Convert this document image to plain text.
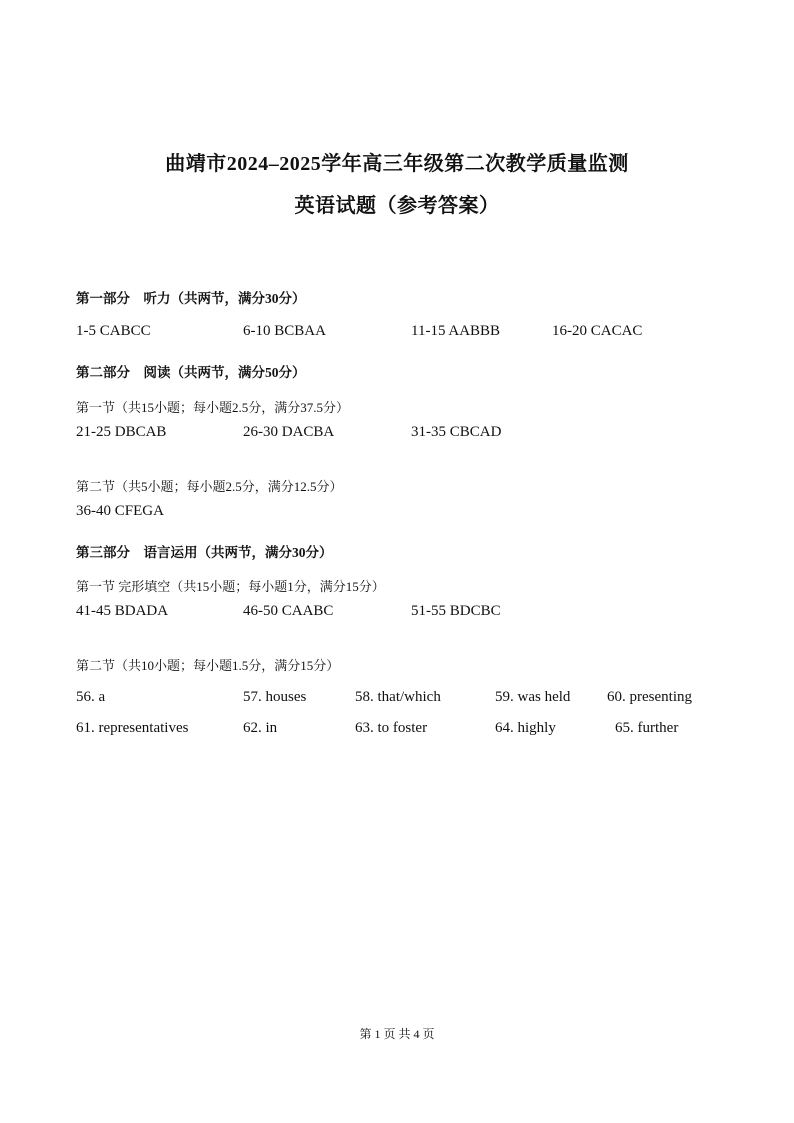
曲靖市2024–2025学年高三年级第二次教学质量监测
英语试题（参考答案）
第一部分　听力（共两节，满分30分）
1-5 CABCC	6-10 BCBAA	11-15 AABBB	16-20 CACAC
第二部分　阅读（共两节，满分50分）
第一节（共15小题；每小题2.5分，满分37.5分）
21-25 DBCAB	26-30 DACBA	31-35 CBCAD
第二节（共5小题；每小题2.5分，满分12.5分）
36-40 CFEGA
第三部分　语言运用（共两节，满分30分）
第一节 完形填空（共15小题；每小题1分，满分15分）
41-45 BDADA	46-50 CAABC	51-55 BDCBC
第二节（共10小题；每小题1.5分，满分15分）
56. a	57. houses	58. that/which	59. was held 60. presenting
61. representatives	62. in	63. to foster	64. highly	65. further
第 1 页 共 4 页
